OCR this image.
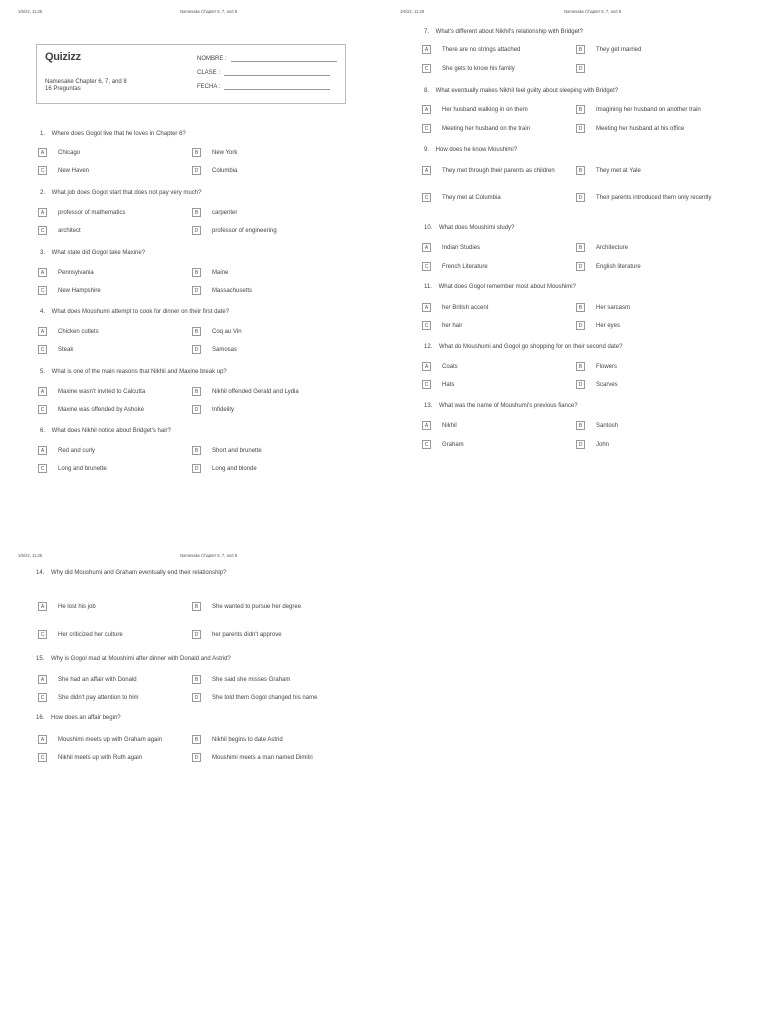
1/6/22, 11:29	Namesake Chapter 6, 7, and 8
Quizizz
Namesake Chapter 6, 7, and 8
16 Preguntas
NOMBRE :
CLASE :
FECHA :
1.    Where does Gogol live that he loves in Chapter 6?
A	Chicago	B	New York
C	New Haven	D	Columbia
2.    What job does Gogol start that does not pay very much?
A	professor of mathematics	B	carpenter
C	architect	D	professor of engineering
3.    What state did Gogol take Maxine?
A	Pennsylvania	B	Maine
C	New Hampshire	D	Massachusetts
4.    What does Moushumi attempt to cook for dinner on their first date?
A	Chicken cutlets	B	Coq au Vin
C	Steak	D	Samosas
5.    What is one of the main reasons that Nikhil and Maxine break up?
A	Maxine wasn't invited to Calcutta	B	Nikhil offended Gerald and Lydia
C	Maxine was offended by Ashoke	D	Infidelity
6.    What does Nikhil notice about Bridget's hair?
A	Red and curly	B	Short and brunette
C	Long and brunette	D	Long and blonde
1/6/22, 11:29	Namesake Chapter 6, 7, and 8
7.    What's different about Nikhil's relationship with Bridget?
A	There are no strings attached	B	They get married
C	She gets to know his family	D
8.    What eventually makes Nikhil feel guilty about sleeping with Bridget?
A	Her husband walking in on them	B	Imagining her husband on another train
C	Meeting her husband on the train	D	Meeting her husband at his office
9.    How does he know Moushimi?
A	They met through their parents as children	B	They met at Yale
C	They met at Columbia	D	Their parents introduced them only recently
10.    What does Moushimi study?
A	Indian Studies	B	Architecture
C	French Literature	D	English literature
11.    What does Gogol remember most about Moushimi?
A	her British accent	B	Her sarcasm
C	her hair	D	Her eyes
12.    What do Moushumi and Gogol go shopping for on their second date?
A	Coats	B	Flowers
C	Hats	D	Scarves
13.    What was the name of Moushumi's previous fiance?
A	Nikhil	B	Santosh
C	Graham	D	John
1/6/22, 11:29	Namesake Chapter 6, 7, and 8
14.    Why did Moushumi and Graham eventually end their relationship?
A	He lost his job	B	She wanted to pursue her degree
C	Her criticized her culture	D	her parents didn't approve
15.    Why is Gogol mad at Moushimi after dinner with Donald and Astrid?
A	She had an affair with Donald	B	She said she misses Graham
C	She didn't pay attention to him	D	She told them Gogol changed his name
16.    How does an affair begin?
A	Moushimi meets up with Graham again	B	Nikhil begins to date Astrid
C	Nikhil meets up with Ruth again	D	Moushimi meets a man named Dimitri
